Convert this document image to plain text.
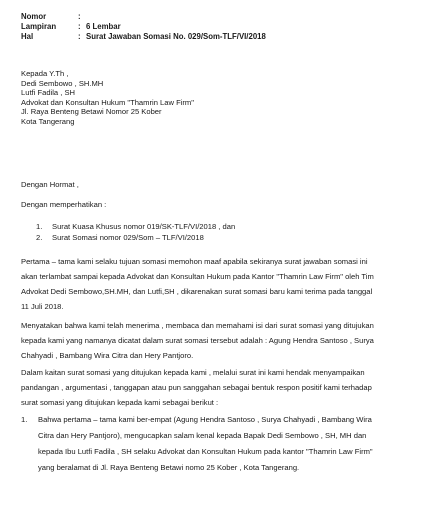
Nomor	:
Lampiran	: 6 Lembar
Hal	: Surat Jawaban Somasi No. 029/Som-TLF/VI/2018
Kepada Y.Th ,
Dedi Sembowo , SH.MH
Lutfi Fadila , SH
Advokat dan Konsultan Hukum "Thamrin Law Firm"
Jl. Raya Benteng Betawi Nomor 25 Kober
Kota Tangerang
Dengan Hormat ,
Dengan memperhatikan :
1. Surat Kuasa Khusus nomor 019/SK-TLF/VI/2018 , dan
2. Surat Somasi nomor 029/Som – TLF/VI/2018
Pertama – tama kami selaku tujuan somasi memohon maaf apabila sekiranya surat jawaban somasi ini
akan terlambat sampai kepada Advokat dan Konsultan Hukum pada Kantor "Thamrin Law Firm" oleh Tim
Advokat Dedi Sembowo,SH.MH, dan Lutfi,SH , dikarenakan surat somasi baru kami terima pada tanggal
11 Juli 2018.
Menyatakan bahwa kami telah menerima , membaca dan memahami isi dari surat somasi yang ditujukan
kepada kami yang namanya dicatat dalam surat somasi tersebut adalah : Agung Hendra Santoso , Surya
Chahyadi , Bambang Wira Citra dan Hery Pantjoro.
Dalam kaitan surat somasi yang ditujukan kepada kami , melalui surat ini kami hendak menyampaikan
pandangan , argumentasi , tanggapan atau pun sanggahan sebagai bentuk respon positif kami terhadap
surat somasi yang ditujukan kepada kami sebagai berikut :
1. Bahwa pertama – tama kami ber-empat (Agung Hendra Santoso , Surya Chahyadi , Bambang Wira
Citra dan Hery Pantjoro), mengucapkan salam kenal kepada Bapak Dedi Sembowo , SH, MH dan
kepada Ibu Lutfi Fadila , SH selaku Advokat dan Konsultan Hukum pada kantor "Thamrin Law Firm"
yang beralamat di Jl. Raya Benteng Betawi nomo 25 Kober , Kota Tangerang.
